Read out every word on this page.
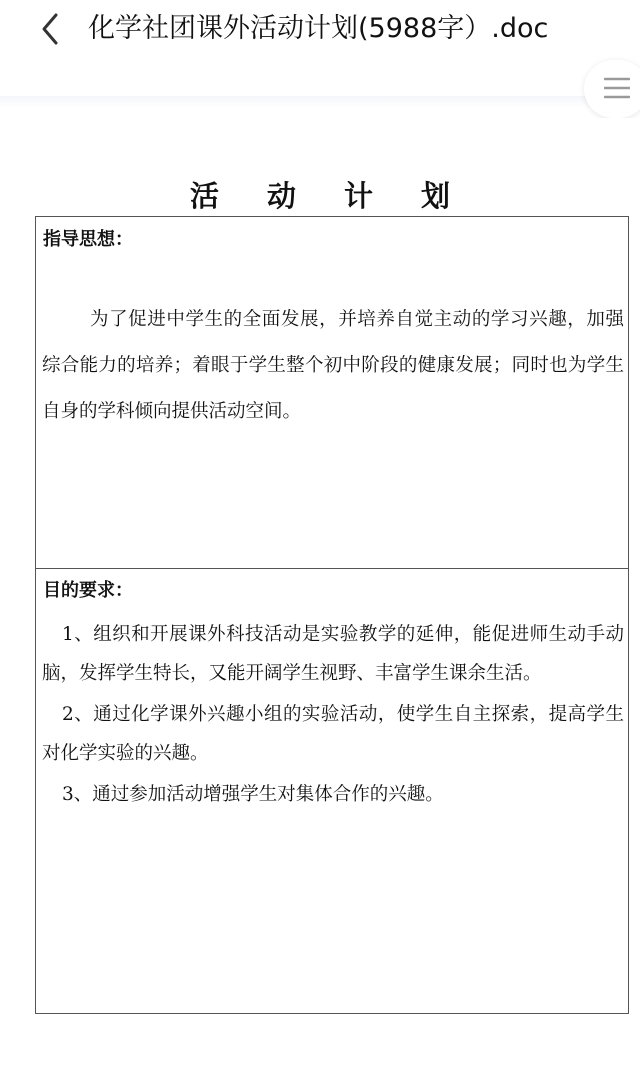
化学社团课外活动计划(5988字）.doc
活动计划
指导思想：
为了促进中学生的全面发展，并培养自觉主动的学习兴趣，加强综合能力的培养；着眼于学生整个初中阶段的健康发展；同时也为学生自身的学科倾向提供活动空间。
目的要求：

1、组织和开展课外科技活动是实验教学的延伸，能促进师生动手动脑，发挥学生特长，又能开阔学生视野、丰富学生课余生活。

2、通过化学课外兴趣小组的实验活动，使学生自主探索，提高学生对化学实验的兴趣。

3、通过参加活动增强学生对集体合作的兴趣。
